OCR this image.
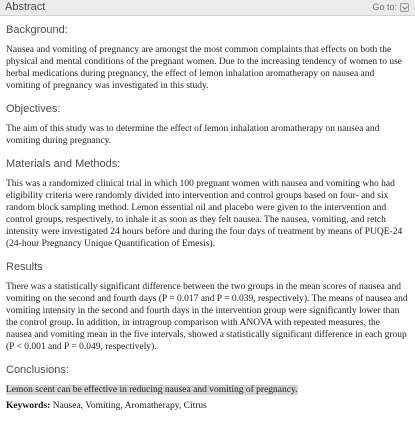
Abstract	Go to:
Background:

Nausea and vomiting of pregnancy are amongst the most common complaints that effects on both the physical and mental conditions of the pregnant women. Due to the increasing tendency of women to use herbal medications during pregnancy, the effect of lemon inhalation aromatherapy on nausea and vomiting of pregnancy was investigated in this study.

Objectives:

The aim of this study was to determine the effect of lemon inhalation aromatherapy on nausea and vomiting during pregnancy.

Materials and Methods:

This was a randomized clinical trial in which 100 pregnant women with nausea and vomiting who had eligibility criteria were randomly divided into intervention and control groups based on four- and six random block sampling method. Lemon essential oil and placebo were given to the intervention and control groups, respectively, to inhale it as soon as they felt nausea. The nausea, vomiting, and retch intensity were investigated 24 hours before and during the four days of treatment by means of PUQE-24 (24-hour Pregnancy Unique Quantification of Emesis).

Results

There was a statistically significant difference between the two groups in the mean scores of nausea and vomiting on the second and fourth days (P = 0.017 and P = 0.039, respectively). The means of nausea and vomiting intensity in the second and fourth days in the intervention group were significantly lower than the control group. In addition, in intragroup comparison with ANOVA with repeated measures, the nausea and vomiting mean in the five intervals, showed a statistically significant difference in each group (P < 0.001 and P = 0.049, respectively).

Conclusions:

Lemon scent can be effective in reducing nausea and vomiting of pregnancy.

Keywords: Nausea, Vomiting, Aromatherapy, Citrus
